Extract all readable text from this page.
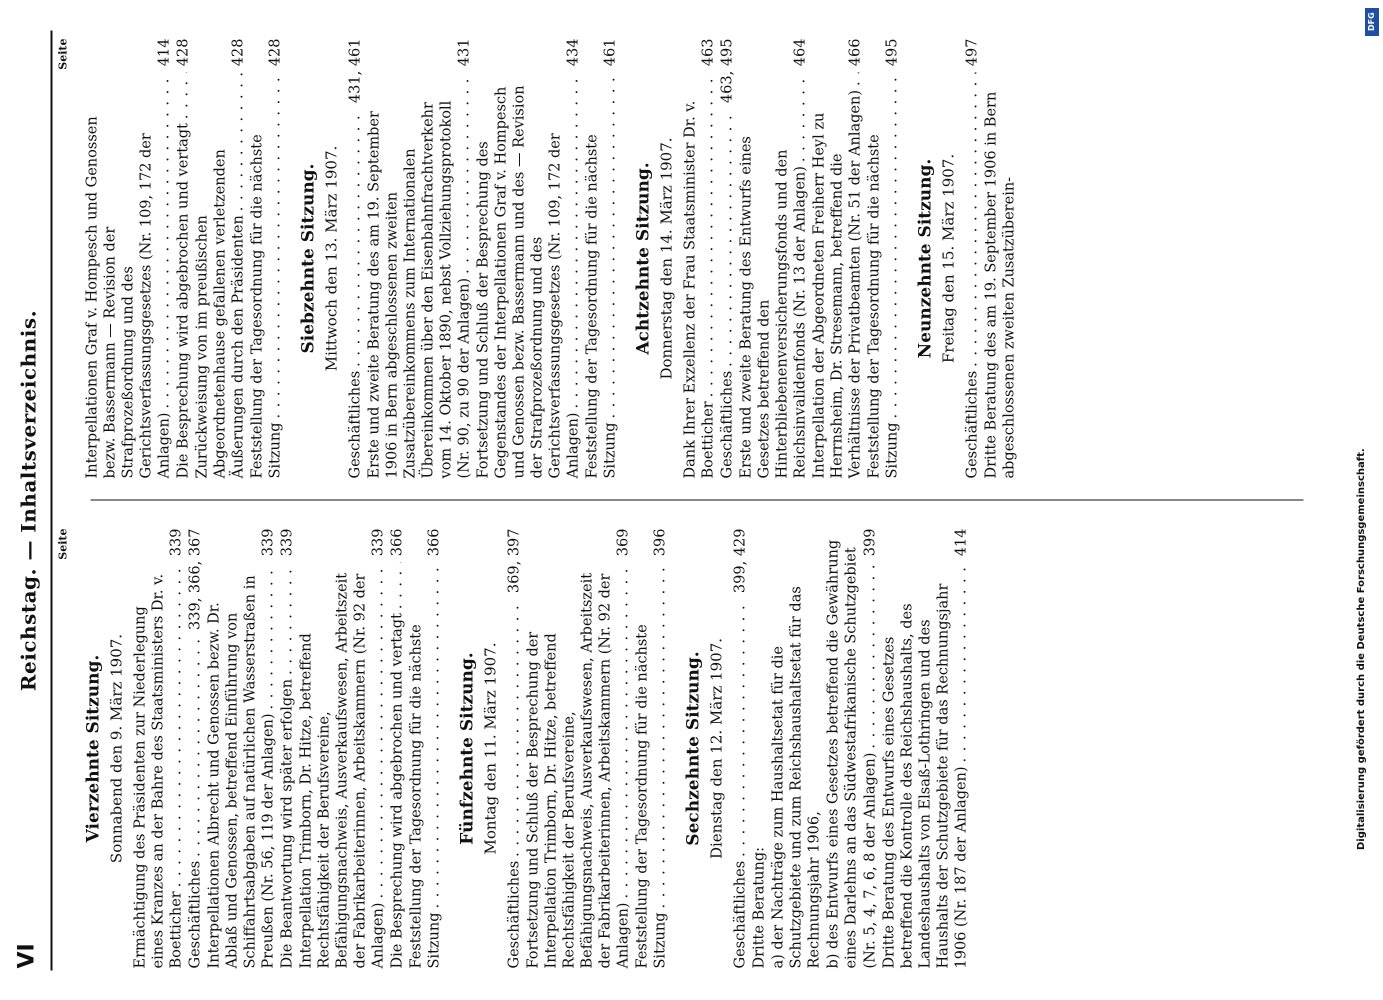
VI
Reichstag. — Inhaltsverzeichnis. Seite
Vierzehnte Sitzung. Sonnabend den 9. März 1907. Ermächtigung des Präsidenten zur Niederlegung eines Kranzes an der Bahre des Staatsministers Dr. v. Boetticher . . .
339
Geschäftliches . . .
339, 366, 367
Interpellationen Albrecht und Genossen bezw. Dr. Ablaß und Genossen, betreffend Einführung von Schiffahrtsabgaben auf natürlichen Wasserstraßen in Preußen (Nr. 56, 119 der Anlagen) . . .
339
Die Beantwortung wird später erfolgen . . .
339
Interpellation Trimborn, Dr. Hitze, betreffend Rechtsfähigkeit der Berufsvereine, Befähigungsnachweis, Ausverkaufswesen, Arbeitszeit der Fabrikarbeiterinnen, Arbeitskammern (Nr. 92 der Anlagen) . . .
339
Die Besprechung wird abgebrochen und vertagt . . .
366
Feststellung der Tagesordnung für die nächste Sitzung . . .
366
Fünfzehnte Sitzung. Montag den 11. März 1907.
Geschäftliches . . .
369, 397
Fortsetzung und Schluß der Besprechung der Interpellation Trimborn, Dr. Hitze, betreffend Rechtsfähigkeit der Berufsvereine, Befähigungsnachweis, Ausverkaufswesen, Arbeitszeit der Fabrikarbeiterinnen, Arbeitskammern (Nr. 92 der Anlagen) . . .
369
Feststellung der Tagesordnung für die nächste Sitzung . . .
396
Sechzehnte Sitzung. Dienstag den 12. März 1907.
Geschäftliches . . .
399, 429
Dritte Beratung: a) der Nachträge zum Haushaltsetat für die Schutzgebiete und zum Reichshaushaltsetat für das Rechnungsjahr 1906, b) des Entwurfs eines Gesetzes betreffend die Gewährung eines Darlehns an das Südwestafrikanische Schutzgebiet (Nr. 5, 4, 7, 6, 8 der Anlagen) . . .
399
Dritte Beratung des Entwurfs eines Gesetzes betreffend die Kontrolle des Reichshaushalts, des Landeshaushalts von Elsaß-Lothringen und des Haushalts der Schutzgebiete für das Rechnungsjahr 1906 (Nr. 187 der Anlagen) . . .
414
Seite
Interpellationen Graf v. Hompesch und Genossen bezw. Bassermann — Revision der Strafprozeßordnung und des Gerichtsverfassungsgesetzes (Nr. 109, 172 der Anlagen) . . .
414
Die Besprechung wird abgebrochen und vertagt . . .
428
Zurückweisung von im preußischen Abgeordnetenhause gefallenen verletzenden Äußerungen durch den Präsidenten . . .
428
Feststellung der Tagesordnung für die nächste Sitzung . . .
428
Siebzehnte Sitzung. Mittwoch den 13. März 1907.
Geschäftliches . . .
431, 461
Erste und zweite Beratung des am 19. September 1906 in Bern abgeschlossenen zweiten Zusatzübereinkommens zum Internationalen Übereinkommen über den Eisenbahnfrachtverkehr vom 14. Oktober 1890, nebst Vollziehungsprotokoll (Nr. 90, zu 90 der Anlagen) . . .
431
Fortsetzung und Schluß der Besprechung des Gegenstandes der Interpellationen Graf v. Hompesch und Genossen bezw. Bassermann und des — Revision der Strafprozeßordnung und des Gerichtsverfassungsgesetzes (Nr. 109, 172 der Anlagen) . . .
434
Feststellung der Tagesordnung für die nächste Sitzung . . .
461
Achtzehnte Sitzung. Donnerstag den 14. März 1907. Dank Ihrer Exzellenz der Frau Staatsminister Dr. v. Boetticher . . .
463
Geschäftliches . . .
463, 495
Erste und zweite Beratung des Entwurfs eines Gesetzes betreffend den Hinterbliebenenversicherungsfonds und den Reichsinvalidenfonds (Nr. 13 der Anlagen) . . .
464
Interpellation der Abgeordneten Freiherr Heyl zu Herrnsheim, Dr. Stresemann, betreffend die Verhältnisse der Privatbeamten (Nr. 51 der Anlagen) . . .
466
Feststellung der Tagesordnung für die nächste Sitzung . . .
495
Neunzehnte Sitzung. Freitag den 15. März 1907.
Geschäftliches . . .
497
Dritte Beratung des am 19. September 1906 in Bern abgeschlossenen zweiten Zusatzüberein-
DFG
Digitalisierung gefördert durch die Deutsche Forschungsgemeinschaft.
